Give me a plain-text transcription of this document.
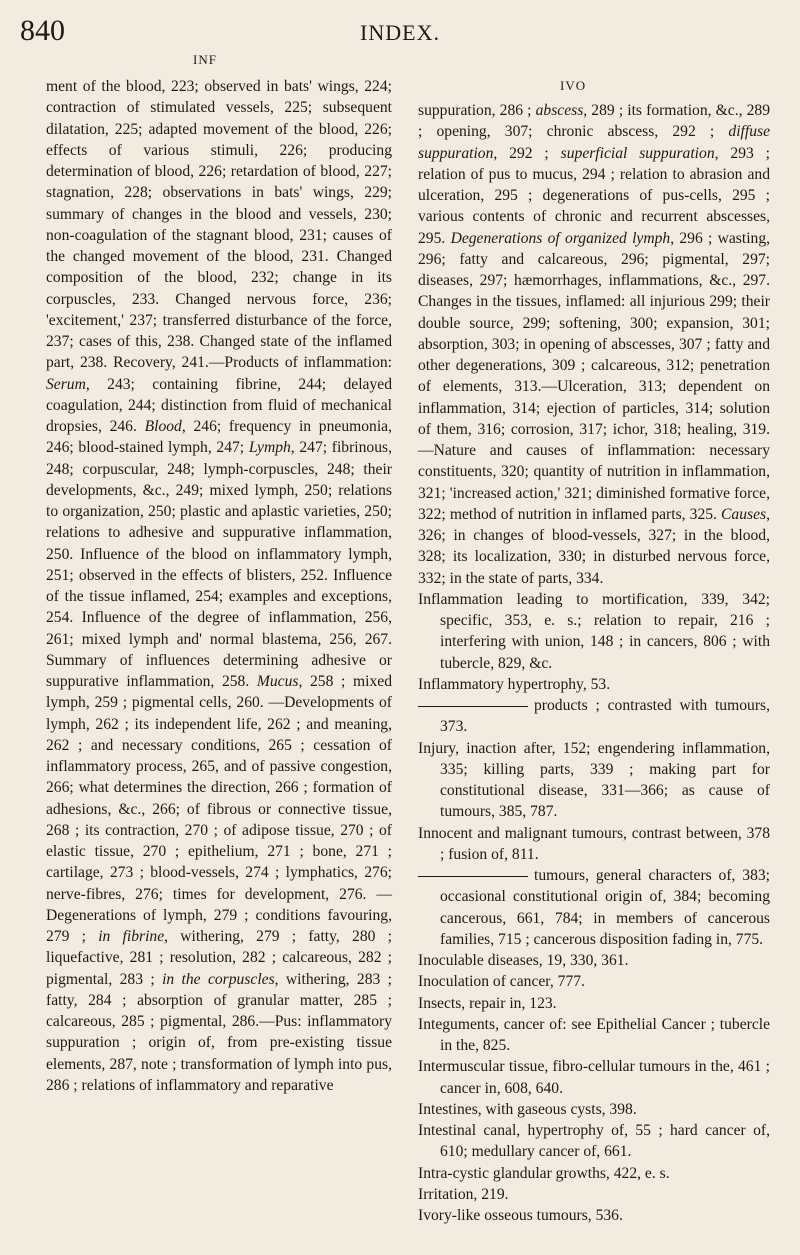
840	INDEX.
INF
IVO

ment of the blood, 223; observed in bats' wings, 224; contraction of stimulated vessels, 225; subsequent dilatation, 225; adapted movement of the blood, 226; effects of various stimuli, 226; producing determination of blood, 226; retardation of blood, 227; stagnation, 228; observations in bats' wings, 229; summary of changes in the blood and vessels, 230; non-coagulation of the stagnant blood, 231; causes of the changed movement of the blood, 231. Changed composition of the blood, 232; change in its corpuscles, 233. Changed nervous force, 236; 'excitement,' 237; transferred disturbance of the force, 237; cases of this, 238. Changed state of the inflamed part, 238. Recovery, 241.—Products of inflammation: Serum, 243; containing fibrine, 244; delayed coagulation, 244; distinction from fluid of mechanical dropsies, 246. Blood, 246; frequency in pneumonia, 246; blood-stained lymph, 247; Lymph, 247; fibrinous, 248; corpuscular, 248; lymph-corpuscles, 248; their developments, &c., 249; mixed lymph, 250; relations to organization, 250; plastic and aplastic varieties, 250; relations to adhesive and suppurative inflammation, 250. Influence of the blood on inflammatory lymph, 251; observed in the effects of blisters, 252. Influence of the tissue inflamed, 254; examples and exceptions, 254. Influence of the degree of inflammation, 256, 261; mixed lymph and' normal blastema, 256, 267. Summary of influences determining adhesive or suppurative inflammation, 258. Mucus, 258 ; mixed lymph, 259 ; pigmental cells, 260. —Developments of lymph, 262 ; its independent life, 262 ; and meaning, 262 ; and necessary conditions, 265 ; cessation of inflammatory process, 265, and of passive congestion, 266; what determines the direction, 266 ; formation of adhesions, &c., 266; of fibrous or connective tissue, 268 ; its contraction, 270 ; of adipose tissue, 270 ; of elastic tissue, 270 ; epithelium, 271 ; bone, 271 ; cartilage, 273 ; blood-vessels, 274 ; lymphatics, 276; nerve-fibres, 276; times for development, 276. — Degenerations of lymph, 279 ; conditions favouring, 279 ; in fibrine, withering, 279 ; fatty, 280 ; liquefactive, 281 ; resolution, 282 ; calcareous, 282 ; pigmental, 283 ; in the corpuscles, withering, 283 ; fatty, 284 ; absorption of granular matter, 285 ; calcareous, 285 ; pigmental, 286.—Pus: inflammatory suppuration ; origin of, from pre-existing tissue elements, 287, note ; transformation of lymph into pus, 286 ; relations of inflammatory and reparative

suppuration, 286 ; abscess, 289 ; its formation, &c., 289 ; opening, 307; chronic abscess, 292 ; diffuse suppuration, 292 ; superficial suppuration, 293 ; relation of pus to mucus, 294 ; relation to abrasion and ulceration, 295 ; degenerations of pus-cells, 295 ; various contents of chronic and recurrent abscesses, 295. Degenerations of organized lymph, 296 ; wasting, 296; fatty and calcareous, 296; pigmental, 297; diseases, 297; hæmorrhages, inflammations, &c., 297. Changes in the tissues, inflamed: all injurious 299; their double source, 299; softening, 300; expansion, 301; absorption, 303; in opening of abscesses, 307 ; fatty and other degenerations, 309 ; calcareous, 312; penetration of elements, 313.—Ulceration, 313; dependent on inflammation, 314; ejection of particles, 314; solution of them, 316; corrosion, 317; ichor, 318; healing, 319.—Nature and causes of inflammation: necessary constituents, 320; quantity of nutrition in inflammation, 321; 'increased action,' 321; diminished formative force, 322; method of nutrition in inflamed parts, 325. Causes, 326; in changes of blood-vessels, 327; in the blood, 328; its localization, 330; in disturbed nervous force, 332; in the state of parts, 334.

Inflammation leading to mortification, 339, 342; specific, 353, e. s.; relation to repair, 216 ; interfering with union, 148 ; in cancers, 806 ; with tubercle, 829, &c.

Inflammatory hypertrophy, 53.

products ; contrasted with tumours, 373.

Injury, inaction after, 152; engendering inflammation, 335; killing parts, 339 ; making part for constitutional disease, 331—366; as cause of tumours, 385, 787.

Innocent and malignant tumours, contrast between, 378 ; fusion of, 811.

tumours, general characters of, 383; occasional constitutional origin of, 384; becoming cancerous, 661, 784; in members of cancerous families, 715 ; cancerous disposition fading in, 775.

Inoculable diseases, 19, 330, 361.

Inoculation of cancer, 777.

Insects, repair in, 123.

Integuments, cancer of: see Epithelial Cancer ; tubercle in the, 825.

Intermuscular tissue, fibro-cellular tumours in the, 461 ; cancer in, 608, 640.

Intestines, with gaseous cysts, 398.

Intestinal canal, hypertrophy of, 55 ; hard cancer of, 610; medullary cancer of, 661.

Intra-cystic glandular growths, 422, e. s.

Irritation, 219.

Ivory-like osseous tumours, 536.
